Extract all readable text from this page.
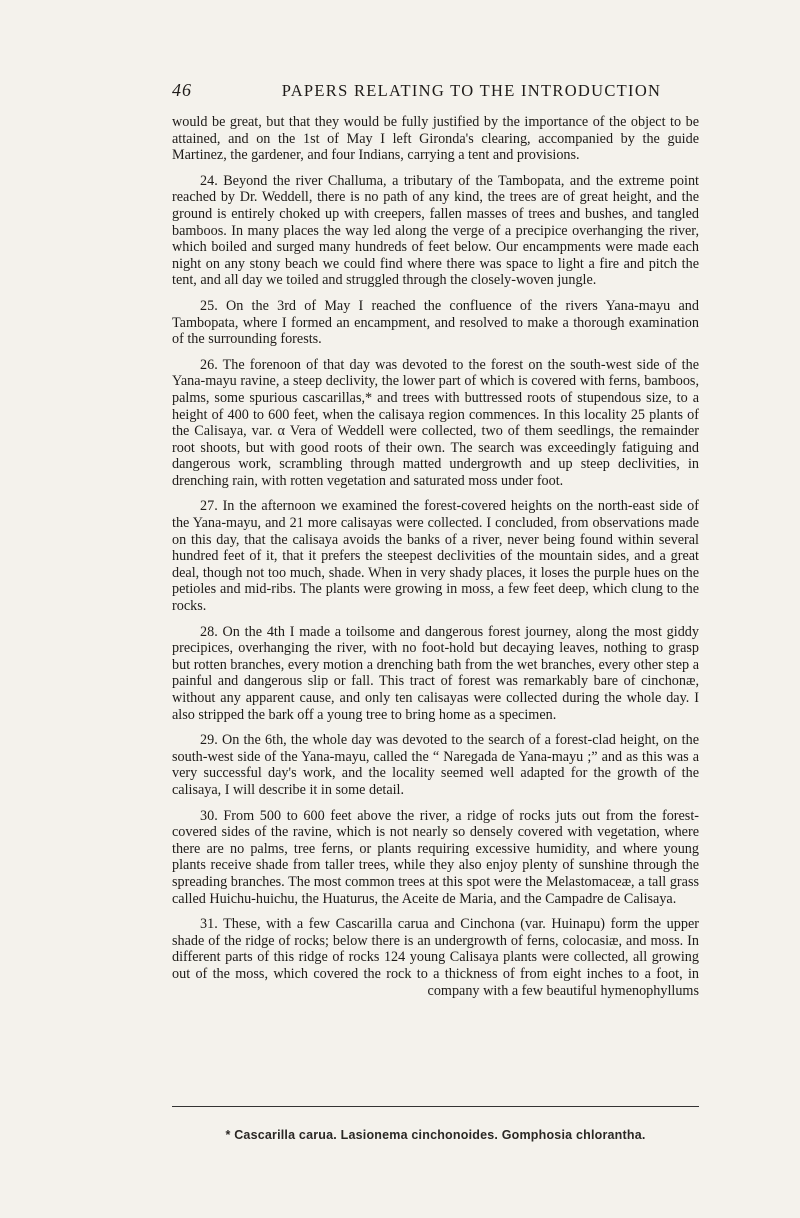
46	PAPERS RELATING TO THE INTRODUCTION

would be great, but that they would be fully justified by the importance of the object to be attained, and on the 1st of May I left Gironda's clearing, accompanied by the guide Martinez, the gardener, and four Indians, carrying a tent and provisions.

24. Beyond the river Challuma, a tributary of the Tambopata, and the extreme point reached by Dr. Weddell, there is no path of any kind, the trees are of great height, and the ground is entirely choked up with creepers, fallen masses of trees and bushes, and tangled bamboos. In many places the way led along the verge of a precipice overhanging the river, which boiled and surged many hundreds of feet below. Our encampments were made each night on any stony beach we could find where there was space to light a fire and pitch the tent, and all day we toiled and struggled through the closely-woven jungle.

25. On the 3rd of May I reached the confluence of the rivers Yana-mayu and Tambopata, where I formed an encampment, and resolved to make a thorough examination of the surrounding forests.

26. The forenoon of that day was devoted to the forest on the south-west side of the Yana-mayu ravine, a steep declivity, the lower part of which is covered with ferns, bamboos, palms, some spurious cascarillas,* and trees with buttressed roots of stupendous size, to a height of 400 to 600 feet, when the calisaya region commences. In this locality 25 plants of the Calisaya, var. α Vera of Weddell were collected, two of them seedlings, the remainder root shoots, but with good roots of their own. The search was exceedingly fatiguing and dangerous work, scrambling through matted undergrowth and up steep declivities, in drenching rain, with rotten vegetation and saturated moss under foot.

27. In the afternoon we examined the forest-covered heights on the north-east side of the Yana-mayu, and 21 more calisayas were collected. I concluded, from observations made on this day, that the calisaya avoids the banks of a river, never being found within several hundred feet of it, that it prefers the steepest declivities of the mountain sides, and a great deal, though not too much, shade. When in very shady places, it loses the purple hues on the petioles and mid-ribs. The plants were growing in moss, a few feet deep, which clung to the rocks.

28. On the 4th I made a toilsome and dangerous forest journey, along the most giddy precipices, overhanging the river, with no foot-hold but decaying leaves, nothing to grasp but rotten branches, every motion a drenching bath from the wet branches, every other step a painful and dangerous slip or fall. This tract of forest was remarkably bare of cinchonæ, without any apparent cause, and only ten calisayas were collected during the whole day. I also stripped the bark off a young tree to bring home as a specimen.

29. On the 6th, the whole day was devoted to the search of a forest-clad height, on the south-west side of the Yana-mayu, called the “ Naregada de Yana-mayu ;” and as this was a very successful day's work, and the locality seemed well adapted for the growth of the calisaya, I will describe it in some detail.

30. From 500 to 600 feet above the river, a ridge of rocks juts out from the forest-covered sides of the ravine, which is not nearly so densely covered with vegetation, where there are no palms, tree ferns, or plants requiring excessive humidity, and where young plants receive shade from taller trees, while they also enjoy plenty of sunshine through the spreading branches. The most common trees at this spot were the Melastomaceæ, a tall grass called Huichu-huichu, the Huaturus, the Aceite de Maria, and the Campadre de Calisaya.

31. These, with a few Cascarilla carua and Cinchona (var. Huinapu) form the upper shade of the ridge of rocks; below there is an undergrowth of ferns, colocasiæ, and moss. In different parts of this ridge of rocks 124 young Calisaya plants were collected, all growing out of the moss, which covered the rock to a thickness of from eight inches to a foot, in company with a few beautiful hymenophyllums

* Cascarilla carua. Lasionema cinchonoides. Gomphosia chlorantha.
